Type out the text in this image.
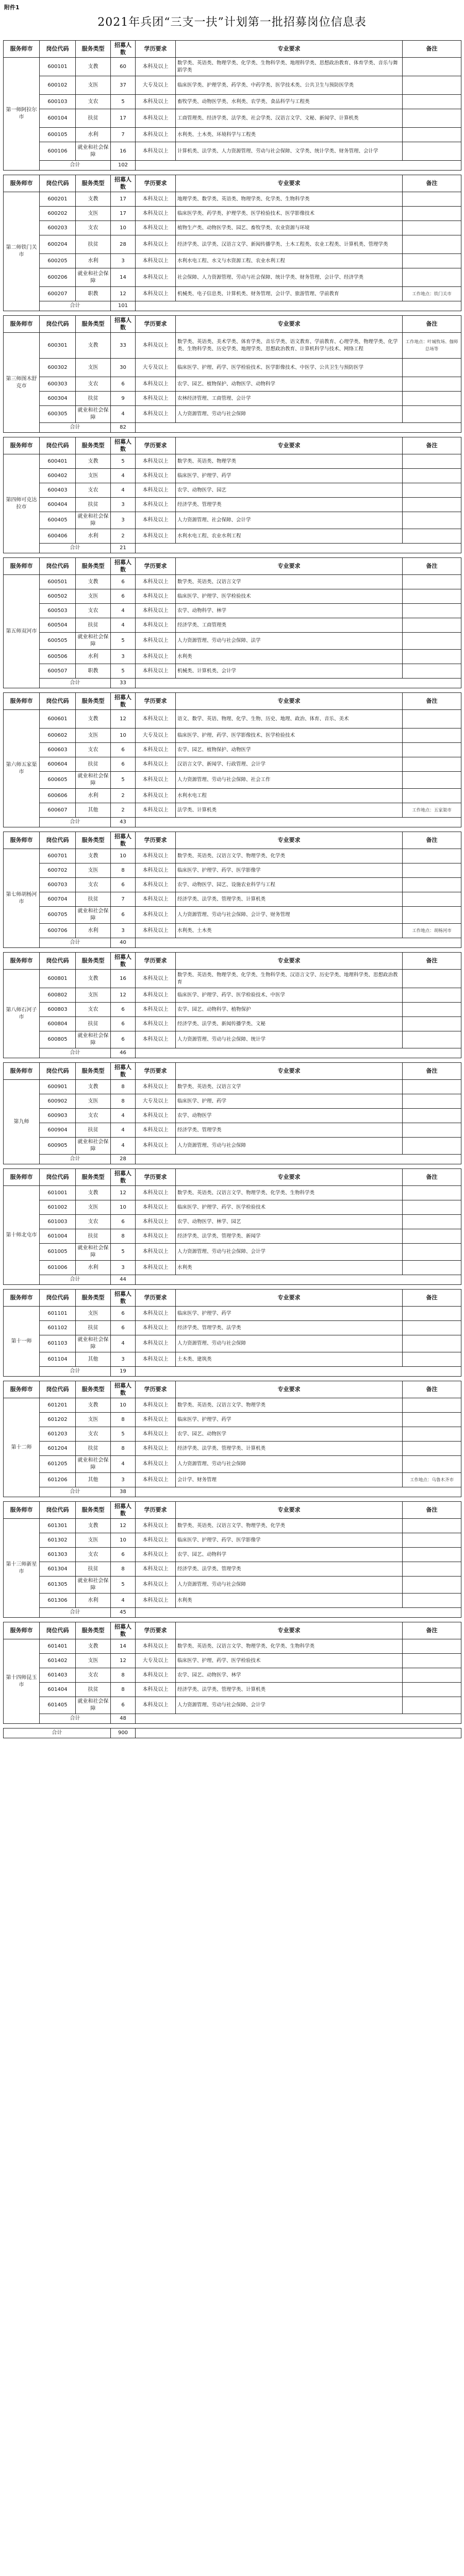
附件1
2021年兵团“三支一扶”计划第一批招募岗位信息表
服务师市	岗位代码	服务类型	招募人数	学历要求	专业要求	备注
第一师阿拉尔市	600101	支教	60	本科及以上	数学类、英语类、物理学类、化学类、生物科学类、地理科学类、思想政治教育、体育学类、音乐与舞蹈学类	
	600102	支医	37	大专及以上	临床医学类、护理学类、药学类、中药学类、医学技术类、公共卫生与预防医学类	
	600103	支农	5	本科及以上	畜牧学类、动物医学类、水利类、农学类、食品科学与工程类	
	600104	扶贫	17	本科及以上	工商管理类、经济学类、法学类、社会学类、汉语言文学、文秘、新闻学、计算机类	
	600105	水利	7	本科及以上	水利类、土木类、环境科学与工程类	
	600106	就业和社会保障	16	本科及以上	计算机类、法学类、人力资源管理、劳动与社会保障、文学类、统计学类、财务管理、会计学	
	合计		102			
服务师市	岗位代码	服务类型	招募人数	学历要求	专业要求	备注
第二师铁门关市	600201	支教	17	本科及以上	地理学类、数学类、英语类、物理学类、化学类、生物科学类	
	600202	支医	17	本科及以上	临床医学类、药学类、护理学类、医学检验技术、医学影像技术	
	600203	支农	10	本科及以上	植物生产类、动物医学类、园艺、畜牧学类、农业资源与环境	
	600204	扶贫	28	本科及以上	经济学类、法学类、汉语言文学、新闻传播学类、土木工程类、农业工程类、计算机类、管理学类	
	600205	水利	3	本科及以上	水利水电工程、水文与水资源工程、农业水利工程	
	600206	就业和社会保障	14	本科及以上	社会保障、人力资源管理、劳动与社会保障、统计学类、财务管理、会计学、经济学类	
	600207	职教	12	本科及以上	机械类、电子信息类、计算机类、财务管理、会计学、旅游管理、学前教育	工作地点：铁门关市
	合计		101			
服务师市	岗位代码	服务类型	招募人数	学历要求	专业要求	备注
第三师图木舒克市	600301	支教	33	本科及以上	数学类、英语类、美术学类、体育学类、音乐学类、语文教育、学前教育、心理学类、物理学类、化学类、生物科学类、历史学类、地理学类、思想政治教育、计算机科学与技术、网络工程	工作地点：叶城牧场、伽师总场等
	600302	支医	30	大专及以上	临床医学、护理、药学、医学检验技术、医学影像技术、中医学、公共卫生与预防医学	
	600303	支农	6	本科及以上	农学、园艺、植物保护、动物医学、动物科学	
	600304	扶贫	9	本科及以上	农林经济管理、工商管理、会计学	
	600305	就业和社会保障	4	本科及以上	人力资源管理、劳动与社会保障	
	合计		82			
服务师市	岗位代码	服务类型	招募人数	学历要求	专业要求	备注
第四师可克达拉市	600401	支教	5	本科及以上	数学类、英语类、物理学类	
	600402	支医	4	本科及以上	临床医学、护理学、药学	
	600403	支农	4	本科及以上	农学、动物医学、园艺	
	600404	扶贫	3	本科及以上	经济学类、管理学类	
	600405	就业和社会保障	3	本科及以上	人力资源管理、社会保障、会计学	
	600406	水利	2	本科及以上	水利水电工程、农业水利工程	
	合计		21			
服务师市	岗位代码	服务类型	招募人数	学历要求	专业要求	备注
第五师双河市	600501	支教	6	本科及以上	数学类、英语类、汉语言文学	
	600502	支医	6	本科及以上	临床医学、护理学、医学检验技术	
	600503	支农	4	本科及以上	农学、动物科学、林学	
	600504	扶贫	4	本科及以上	经济学类、工商管理类	
	600505	就业和社会保障	5	本科及以上	人力资源管理、劳动与社会保障、法学	
	600506	水利	3	本科及以上	水利类	
	600507	职教	5	本科及以上	机械类、计算机类、会计学	
	合计		33			
服务师市	岗位代码	服务类型	招募人数	学历要求	专业要求	备注
第六师五家渠市	600601	支教	12	本科及以上	语文、数学、英语、物理、化学、生物、历史、地理、政治、体育、音乐、美术	
	600602	支医	10	大专及以上	临床医学、护理、药学、医学影像技术、医学检验技术	
	600603	支农	6	本科及以上	农学、园艺、植物保护、动物医学	
	600604	扶贫	6	本科及以上	汉语言文学、新闻学、行政管理、会计学	
	600605	就业和社会保障	5	本科及以上	人力资源管理、劳动与社会保障、社会工作	
	600606	水利	2	本科及以上	水利水电工程	
	600607	其他	2	本科及以上	法学类、计算机类	工作地点：五家渠市
	合计		43			
服务师市	岗位代码	服务类型	招募人数	学历要求	专业要求	备注
第七师胡杨河市	600701	支教	10	本科及以上	数学类、英语类、汉语言文学、物理学类、化学类	
	600702	支医	8	本科及以上	临床医学、护理学、药学、医学影像学	
	600703	支农	6	本科及以上	农学、动物医学、园艺、设施农业科学与工程	
	600704	扶贫	7	本科及以上	经济学类、法学类、管理学类、计算机类	
	600705	就业和社会保障	6	本科及以上	人力资源管理、劳动与社会保障、会计学、财务管理	
	600706	水利	3	本科及以上	水利类、土木类	工作地点：胡杨河市
	合计		40			
服务师市	岗位代码	服务类型	招募人数	学历要求	专业要求	备注
第八师石河子市	600801	支教	16	本科及以上	数学类、英语类、物理学类、化学类、生物科学类、汉语言文学、历史学类、地理科学类、思想政治教育	
	600802	支医	12	本科及以上	临床医学、护理学、药学、医学检验技术、中医学	
	600803	支农	6	本科及以上	农学、园艺、动物科学、植物保护	
	600804	扶贫	6	本科及以上	经济学类、法学类、新闻传播学类、文秘	
	600805	就业和社会保障	6	本科及以上	人力资源管理、劳动与社会保障、统计学	
	合计		46			
服务师市	岗位代码	服务类型	招募人数	学历要求	专业要求	备注
第九师	600901	支教	8	本科及以上	数学类、英语类、汉语言文学	
	600902	支医	8	大专及以上	临床医学、护理、药学	
	600903	支农	4	本科及以上	农学、动物医学	
	600904	扶贫	4	本科及以上	经济学类、管理学类	
	600905	就业和社会保障	4	本科及以上	人力资源管理、劳动与社会保障	
	合计		28			
服务师市	岗位代码	服务类型	招募人数	学历要求	专业要求	备注
第十师北屯市	601001	支教	12	本科及以上	数学类、英语类、汉语言文学、物理学类、化学类、生物科学类	
	601002	支医	10	本科及以上	临床医学、护理学、药学、医学检验技术	
	601003	支农	6	本科及以上	农学、动物医学、林学、园艺	
	601004	扶贫	8	本科及以上	经济学类、法学类、管理学类、新闻学	
	601005	就业和社会保障	5	本科及以上	人力资源管理、劳动与社会保障、会计学	
	601006	水利	3	本科及以上	水利类	
	合计		44			
服务师市	岗位代码	服务类型	招募人数	学历要求	专业要求	备注
第十一师	601101	支医	6	本科及以上	临床医学、护理学、药学	
	601102	扶贫	6	本科及以上	经济学类、管理学类、法学类	
	601103	就业和社会保障	4	本科及以上	人力资源管理、劳动与社会保障	
	601104	其他	3	本科及以上	土木类、建筑类	
	合计		19			
服务师市	岗位代码	服务类型	招募人数	学历要求	专业要求	备注
第十二师	601201	支教	10	本科及以上	数学类、英语类、汉语言文学、物理学类	
	601202	支医	8	本科及以上	临床医学、护理学、药学	
	601203	支农	5	本科及以上	农学、园艺、动物医学	
	601204	扶贫	8	本科及以上	经济学类、法学类、管理学类、计算机类	
	601205	就业和社会保障	4	本科及以上	人力资源管理、劳动与社会保障	
	601206	其他	3	本科及以上	会计学、财务管理	工作地点：乌鲁木齐市
	合计		38			
服务师市	岗位代码	服务类型	招募人数	学历要求	专业要求	备注
第十三师新星市	601301	支教	12	本科及以上	数学类、英语类、汉语言文学、物理学类、化学类	
	601302	支医	10	本科及以上	临床医学、护理学、药学、医学影像学	
	601303	支农	6	本科及以上	农学、园艺、动物科学	
	601304	扶贫	8	本科及以上	经济学类、法学类、管理学类	
	601305	就业和社会保障	5	本科及以上	人力资源管理、劳动与社会保障	
	601306	水利	4	本科及以上	水利类	
	合计		45			
服务师市	岗位代码	服务类型	招募人数	学历要求	专业要求	备注
第十四师昆玉市	601401	支教	14	本科及以上	数学类、英语类、汉语言文学、物理学类、化学类、生物科学类	
	601402	支医	12	大专及以上	临床医学、护理、药学、医学检验技术	
	601403	支农	8	本科及以上	农学、园艺、动物医学、林学	
	601404	扶贫	8	本科及以上	经济学类、法学类、管理学类、计算机类	
	601405	就业和社会保障	6	本科及以上	人力资源管理、劳动与社会保障、会计学	
	合计		48			
合计	900	
